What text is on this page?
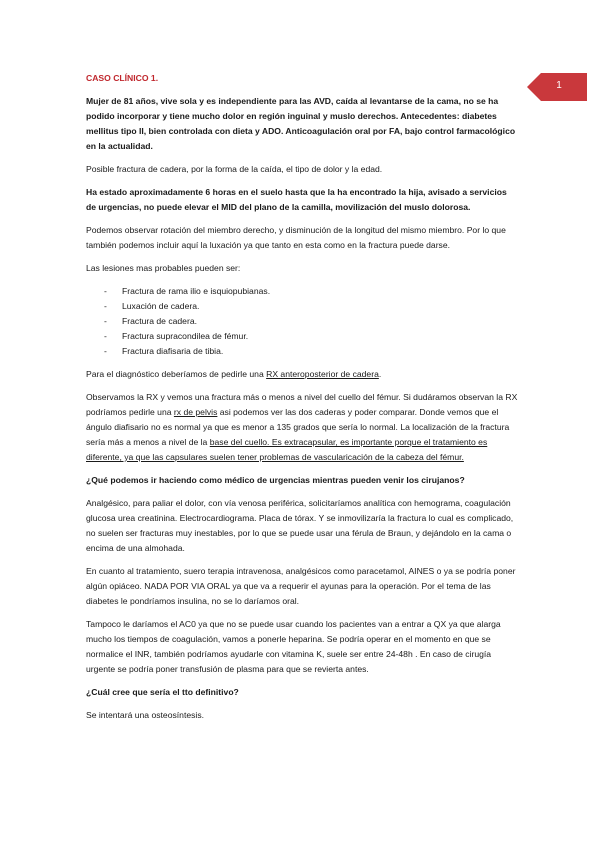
1

CASO CLÍNICO 1.

Mujer de 81 años, vive sola y es independiente para las AVD, caída al levantarse de la cama, no se ha podido incorporar y tiene mucho dolor en región inguinal y muslo derechos. Antecedentes: diabetes mellitus tipo II, bien controlada con dieta y ADO. Anticoagulación oral por FA, bajo control farmacológico en la actualidad.

Posible fractura de cadera, por la forma de la caída, el tipo de dolor y la edad.

Ha estado aproximadamente 6 horas en el suelo hasta que la ha encontrado la hija, avisado a servicios de urgencias, no puede elevar el MID del plano de la camilla, movilización del muslo dolorosa.

Podemos observar rotación del miembro derecho, y disminución de la longitud del mismo miembro. Por lo que también podemos incluir aquí la luxación ya que tanto en esta como en la fractura puede darse.

Las lesiones mas probables pueden ser:

- Fractura de rama ilio e isquiopubianas.
- Luxación de cadera.
- Fractura de cadera.
- Fractura supracondilea de fémur.
- Fractura diafisaria de tibia.

Para el diagnóstico deberíamos de pedirle una RX anteroposterior de cadera.

Observamos la RX y vemos una fractura más o menos a nivel del cuello del fémur. Si dudáramos observan la RX podríamos pedirle una rx de pelvis asi podemos ver las dos caderas y poder comparar. Donde vemos que el ángulo diafisario no es normal ya que es menor a 135 grados que sería lo normal. La localización de la fractura sería más a menos a nivel de la base del cuello. Es extracapsular, es importante porque el tratamiento es diferente, ya que las capsulares suelen tener problemas de vascularicación de la cabeza del fémur.

¿Qué podemos ir haciendo como médico de urgencias mientras pueden venir los cirujanos?

Analgésico, para paliar el dolor, con vía venosa periférica, solicitaríamos analítica con hemograma, coagulación glucosa urea creatinina. Electrocardiograma. Placa de tórax. Y se inmovilizaría la fractura lo cual es complicado, no suelen ser fracturas muy inestables, por lo que se puede usar una férula de Braun, y dejándolo en la cama o encima de una almohada.

En cuanto al tratamiento, suero terapia intravenosa, analgésicos como paracetamol, AINES o ya se podría poner algún opiáceo. NADA POR VIA ORAL ya que va a requerir el ayunas para la operación. Por el tema de las diabetes le pondríamos insulina, no se lo daríamos oral.

Tampoco le daríamos el AC0 ya que no se puede usar cuando los pacientes van a entrar a QX ya que alarga mucho los tiempos de coagulación, vamos a ponerle heparina. Se podría operar en el momento en que se normalice el INR, también podríamos ayudarle con vitamina K, suele ser entre 24-48h . En caso de cirugía urgente se podría poner transfusión de plasma para que se revierta antes.

¿Cuál cree que sería el tto definitivo?

Se intentará una osteosíntesis.
